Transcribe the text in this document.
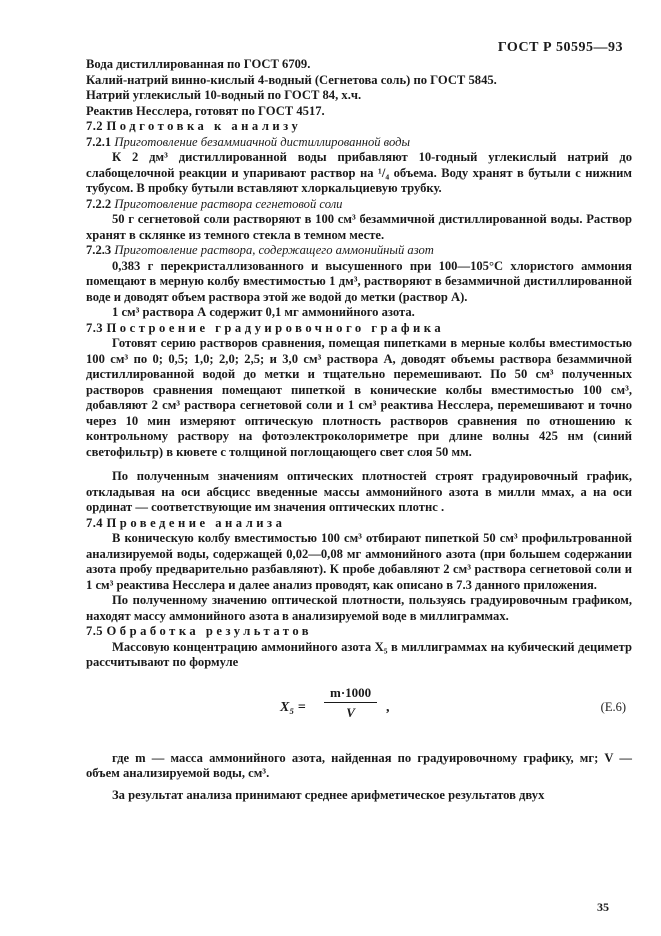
ГОСТ Р 50595—93

Вода дистиллированная по ГОСТ 6709.

Калий-натрий винно-кислый 4-водный (Сегнетова соль) по ГОСТ 5845.

Натрий углекислый 10-водный по ГОСТ 84, х.ч.

Реактив Несслера, готовят по ГОСТ 4517.

7.2 Подготовка к анализу

7.2.1 Приготовление безаммиачной дистиллированной воды

К 2 дм³ дистиллированной воды прибавляют 10-годный углекислый натрий до слабощелочной реакции и упаривают раствор на ¹/₄ объема. Воду хранят в бутыли с нижним тубусом. В пробку бутыли вставляют хлоркальциевую трубку.

7.2.2 Приготовление раствора сегнетовой соли

50 г сегнетовой соли растворяют в 100 см³ безаммичной дистиллированной воды. Раствор хранят в склянке из темного стекла в темном месте.

7.2.3 Приготовление раствора, содержащего аммонийный азот

0,383 г перекристаллизованного и высушенного при 100—105°С хлористого аммония помещают в мерную колбу вместимостью 1 дм³, растворяют в безаммичной дистиллированной воде и доводят объем раствора этой же водой до метки (раствор А).

1 см³ раствора А содержит 0,1 мг аммонийного азота.

7.3 Построение градуировочного графика

Готовят серию растворов сравнения, помещая пипетками в мерные колбы вместимостью 100 см³ по 0; 0,5; 1,0; 2,0; 2,5; и 3,0 см³ раствора А, доводят объемы раствора безаммичной дистиллированной водой до метки и тщательно перемешивают. По 50 см³ полученных растворов сравнения помещают пипеткой в конические колбы вместимостью 100 см³, добавляют 2 см³ раствора сегнетовой соли и 1 см³ реактива Несслера, перемешивают и точно через 10 мин измеряют оптическую плотность растворов сравнения по отношению к контрольному раствору на фотоэлектроколориметре при длине волны 425 нм (синий светофильтр) в кювете с толщиной поглощающего свет слоя 50 мм.

По полученным значениям оптических плотностей строят градуировочный график, откладывая на оси абсцисс введенные массы аммонийного азота в милли ммах, а на оси ординат — соответствующие им значения оптических плотнс .

7.4 Проведение анализа

В коническую колбу вместимостью 100 см³ отбирают пипеткой 50 см³ профильтрованной анализируемой воды, содержащей 0,02—0,08 мг аммонийного азота (при большем содержании азота пробу предварительно разбавляют). К пробе добавляют 2 см³ раствора сегнетовой соли и 1 см³ реактива Несслера и далее анализ проводят, как описано в 7.3 данного приложения.

По полученному значению оптической плотности, пользуясь градуировочным графиком, находят массу аммонийного азота в анализируемой воде в миллиграммах.

7.5 Обработка результатов

Массовую концентрацию аммонийного азота X₅ в миллиграммах на кубический дециметр рассчитывают по формуле

$X_5 = \frac{m\cdot 1000}{V}$ ,	(Е.6)

где m — масса аммонийного азота, найденная по градуировочному графику, мг; V — объем анализируемой воды, см³.

За результат анализа принимают среднее арифметическое результатов двух

35
